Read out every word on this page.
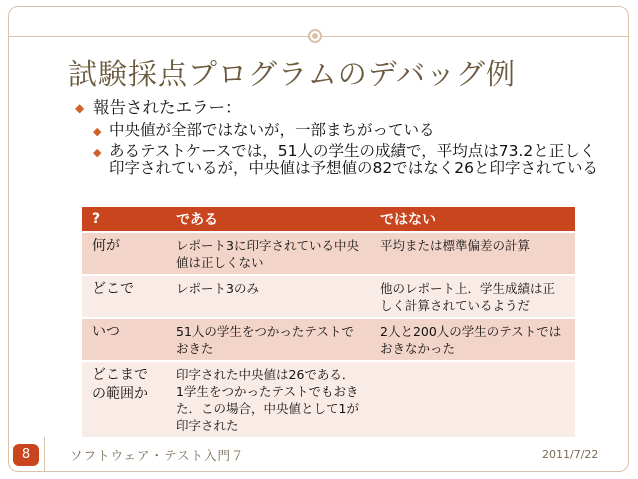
試験採点プログラムのデバッグ例
◆ 報告されたエラー：
◆ 中央値が全部ではないが，一部まちがっている
◆ あるテストケースでは，51人の学生の成績で，平均点は73.2と正しく印字されているが，中央値は予想値の82ではなく26と印字されている
?	である	ではない
何が	レポート3に印字されている中央値は正しくない	平均または標準偏差の計算
どこで	レポート3のみ	他のレポート上．学生成績は正しく計算されているようだ
いつ	51人の学生をつかったテストでおきた	2人と200人の学生のテストではおきなかった
どこまでの範囲か	印字された中央値は26である．1学生をつかったテストでもおきた．この場合，中央値として1が印字された	
8	ソフトウェア・テスト入門７	2011/7/22
